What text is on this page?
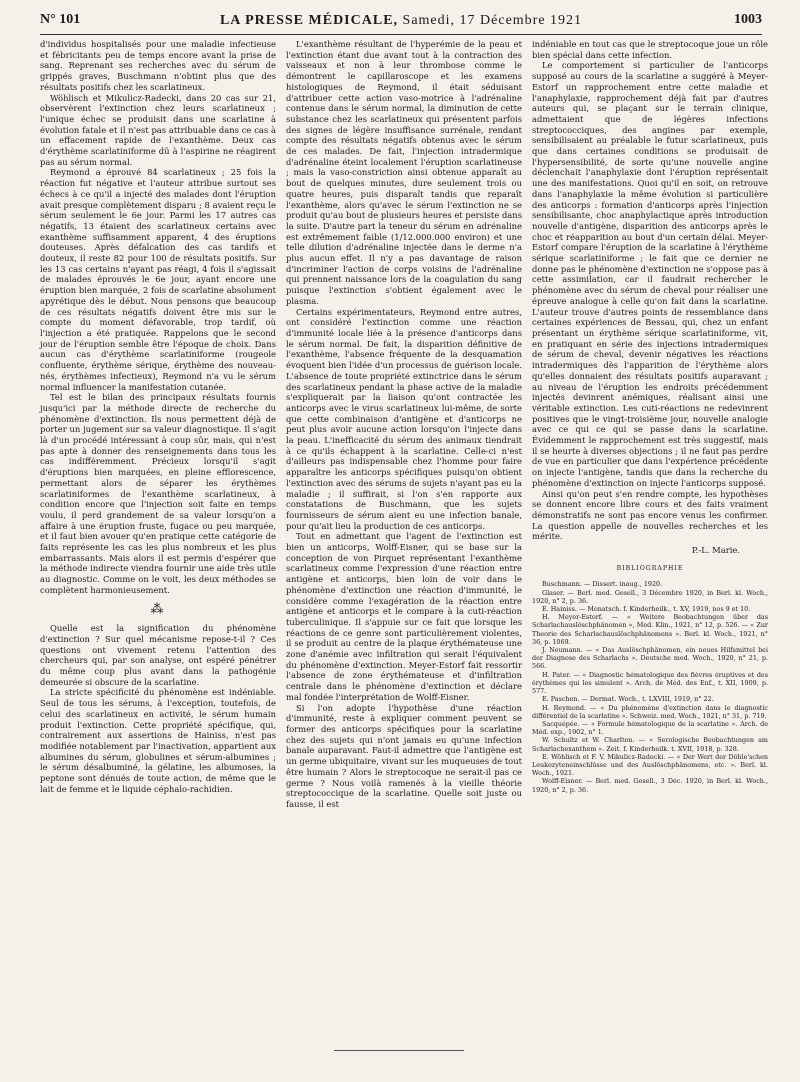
N° 101	LA PRESSE MÉDICALE, Samedi, 17 Décembre 1921	1003

d'individus hospitalisés pour une maladie infectieuse et fébricitants peu de temps encore avant la prise de sang. Reprenant ses recherches avec du sérum de grippés graves, Buschmann n'obtint plus que des résultats positifs chez les scarlatineux.

Wöhlisch et Mikulicz-Radecki, dans 20 cas sur 21, observèrent l'extinction chez leurs scarlatineux ; l'unique échec se produisit dans une scarlatine à évolution fatale et il n'est pas attribuable dans ce cas à un effacement rapide de l'exanthème. Deux cas d'érythème scarlatiniforme dû à l'aspirine ne réagirent pas au sérum normal.

Reymond a éprouvé 84 scarlatineux ; 25 fois la réaction fut négative et l'auteur attribue surtout ses échecs à ce qu'il a injecté des malades dont l'éruption avait presque complètement disparu ; 8 avaient reçu le sérum seulement le 6e jour. Parmi les 17 autres cas négatifs, 13 étaient des scarlatineux certains avec exanthème suffisamment apparent, 4 des éruptions douteuses. Après défalcation des cas tardifs et douteux, il reste 82 pour 100 de résultats positifs. Sur les 13 cas certains n'ayant pas réagi, 4 fois il s'agissait de malades éprouvés le 6e jour, ayant encore une éruption bien marquée, 2 fois de scarlatine absolument apyrétique dès le début. Nous pensons que beaucoup de ces résultats négatifs doivent être mis sur le compte du moment défavorable, trop tardif, où l'injection a été pratiquée. Rappelons que le second jour de l'éruption semble être l'époque de choix. Dans aucun cas d'érythème scarlatiniforme (rougeole confluente, érythème sérique, érythème des nouveau-nés, érythèmes infectieux), Reymond n'a vu le sérum normal influencer la manifestation cutanée.

Tel est le bilan des principaux résultats fournis jusqu'ici par la méthode directe de recherche du phénomène d'extinction. Ils nous permettent déjà de porter un jugement sur sa valeur diagnostique. Il s'agit là d'un procédé intéressant à coup sûr, mais, qui n'est pas apte à donner des renseignements dans tous les cas indifféremment. Précieux lorsqu'il s'agit d'éruptions bien marquées, en pleine efflorescence, permettant alors de séparer les érythèmes scarlatiniformes de l'exanthème scarlatineux, à condition encore que l'injection soit faite en temps voulu, il perd grandement de sa valeur lorsqu'on a affaire à une éruption fruste, fugace ou peu marquée, et il faut bien avouer qu'en pratique cette catégorie de faits représente les cas les plus nombreux et les plus embarrassants. Mais alors il est permis d'espérer que la méthode indirecte viendra fournir une aide très utile au diagnostic. Comme on le voit, les deux méthodes se complètent harmonieusement.

⁂

Quelle est la signification du phénomène d'extinction ? Sur quel mécanisme repose-t-il ? Ces questions ont vivement retenu l'attention des chercheurs qui, par son analyse, ont espéré pénétrer du même coup plus avant dans la pathogénie demeurée si obscure de la scarlatine.

La stricte spécificité du phénomène est indéniable. Seul de tous les sérums, à l'exception, toutefois, de celui des scarlatineux en activité, le sérum humain produit l'extinction. Cette propriété spécifique, qui, contrairement aux assertions de Hainiss, n'est pas modifiée notablement par l'inactivation, appartient aux albumines du sérum, globulines et sérum-albumines ; le sérum désalbuminé, la gélatine, les albumoses, la peptone sont dénués de toute action, de même que le lait de femme et le liquide céphalo-rachidien.

L'exanthème résultant de l'hyperémie de la peau et l'extinction étant due avant tout à la contraction des vaisseaux et non à leur thrombose comme le démontrent le capillaroscope et les examens histologiques de Reymond, il était séduisant d'attribuer cette action vaso-motrice à l'adrénaline contenue dans le sérum normal, la diminution de cette substance chez les scarlatineux qui présentent parfois des signes de légère insuffisance surrénale, rendant compte des résultats négatifs obtenus avec le sérum de ces malades. De fait, l'injection intradermique d'adrénaline éteint localement l'éruption scarlatineuse ; mais la vaso-constriction ainsi obtenue apparaît au bout de quelques minutes, dure seulement trois ou quatre heures, puis disparaît tandis que reparaît l'exanthème, alors qu'avec le sérum l'extinction ne se produit qu'au bout de plusieurs heures et persiste dans la suite. D'autre part la teneur du sérum en adrénaline est extrêmement faible (1/12.000.000 environ) et une telle dilution d'adrénaline injectée dans le derme n'a plus aucun effet. Il n'y a pas davantage de raison d'incriminer l'action de corps voisins de l'adrénaline qui prennent naissance lors de la coagulation du sang puisque l'extinction s'obtient également avec le plasma.

Certains expérimentateurs, Reymond entre autres, ont considéré l'extinction comme une réaction d'immunité locale liée à la présence d'anticorps dans le sérum normal. De fait, la disparition définitive de l'exanthème, l'absence fréquente de la desquamation évoquent bien l'idée d'un processus de guérison locale. L'absence de toute propriété extinctrice dans le sérum des scarlatineux pendant la phase active de la maladie s'expliquerait par la liaison qu'ont contractée les anticorps avec le virus scarlatineux lui-même, de sorte que cette combinaison d'antigène et d'anticorps ne peut plus avoir aucune action lorsqu'on l'injecte dans la peau. L'inefficacité du sérum des animaux tiendrait à ce qu'ils échappent à la scarlatine. Celle-ci n'est d'ailleurs pas indispensable chez l'homme pour faire apparaître les anticorps spécifiques puisqu'on obtient l'extinction avec des sérums de sujets n'ayant pas eu la maladie ; il suffirait, si l'on s'en rapporte aux constatations de Buschmann, que les sujets fournisseurs de sérum aient eu une infection banale, pour qu'ait lieu la production de ces anticorps.

Tout en admettant que l'agent de l'extinction est bien un anticorps, Wolff-Eisner, qui se base sur la conception de von Pirquet représentant l'exanthème scarlatineux comme l'expression d'une réaction entre antigène et anticorps, bien loin de voir dans le phénomène d'extinction une réaction d'immunité, le considère comme l'exagération de la réaction entre antigène et anticorps et le compare à la cuti-réaction tuberculinique. Il s'appuie sur ce fait que lorsque les réactions de ce genre sont particulièrement violentes, il se produit au centre de la plaque érythémateuse une zone d'anémie avec infiltration qui serait l'équivalent du phénomène d'extinction. Meyer-Estorf fait ressortir l'absence de zone érythémateuse et d'infiltration centrale dans le phénomène d'extinction et déclare mal fondée l'interprétation de Wolff-Eisner.

Si l'on adopte l'hypothèse d'une réaction d'immunité, reste à expliquer comment peuvent se former des anticorps spécifiques pour la scarlatine chez des sujets qui n'ont jamais eu qu'une infection banale auparavant. Faut-il admettre que l'antigène est un germe ubiquitaire, vivant sur les muqueuses de tout être humain ? Alors le streptocoque ne serait-il pas ce germe ? Nous voilà ramenés à la vieille théorie streptococcique de la scarlatine. Quelle soit juste ou fausse, il est

indéniable en tout cas que le streptocoque joue un rôle bien spécial dans cette infection.

Le comportement si particulier de l'anticorps supposé au cours de la scarlatine a suggéré à Meyer-Estorf un rapprochement entre cette maladie et l'anaphylaxie, rapprochement déjà fait par d'autres auteurs qui, se plaçant sur le terrain clinique, admettaient que de légères infections streptococciques, des angines par exemple, sensibilisaient au préalable le futur scarlatineux, puis que dans certaines conditions se produisait de l'hypersensibilité, de sorte qu'une nouvelle angine déclenchait l'anaphylaxie dont l'éruption représentait une des manifestations. Quoi qu'il en soit, on retrouve dans l'anaphylaxie la même évolution si particulière des anticorps : formation d'anticorps après l'injection sensibilisante, choc anaphylactique après introduction nouvelle d'antigène, disparition des anticorps après le choc et réapparition au bout d'un certain délai. Meyer-Estorf compare l'éruption de la scarlatine à l'érythème sérique scarlatiniforme ; le fait que ce dernier ne donne pas le phénomène d'extinction ne s'oppose pas à cette assimilation, car il faudrait rechercher le phénomène avec du sérum de cheval pour réaliser une épreuve analogue à celle qu'on fait dans la scarlatine. L'auteur trouve d'autres points de ressemblance dans certaines expériences de Bessau, qui, chez un enfant présentant un érythème sérique scarlatiniforme, vit, en pratiquant en série des injections intradermiques de sérum de cheval, devenir négatives les réactions intradermiques dès l'apparition de l'érythème alors qu'elles donnaient des résultats positifs auparavant ; au niveau de l'éruption les endroits précédemment injectés devinrent anémiques, réalisant ainsi une véritable extinction. Les cuti-réactions ne redevinrent positives que le vingt-troisième jour, nouvelle analogie avec ce qui ce qui se passe dans la scarlatine. Évidemment le rapprochement est très suggestif, mais il se heurte à diverses objections ; il ne faut pas perdre de vue en particulier que dans l'expérience précédente on injecte l'antigène, tandis que dans la recherche du phénomène d'extinction on injecte l'anticorps supposé.

Ainsi qu'on peut s'en rendre compte, les hypothèses se donnent encore libre cours et des faits vraiment démonstratifs ne sont pas encore venus les confirmer. La question appelle de nouvelles recherches et les mérite.

P.-L. Marie.
BIBLIOGRAPHIE

Buschmann. — Dissert. inaug., 1920.

Glaser. — Berl. med. Gesell., 3 Décembre 1920, in Berl. kl. Woch., 1920, n° 2, p. 36.

E. Hainiss. — Monatsch. f. Kinderheilk., t. XV, 1919, nos 9 et 10.

H. Meyer-Estorf. — « Weitere Beobachtungen über das Scharlachauslöschphänomen », Med. Klin., 1921, n° 12, p. 526. — « Zur Theorie des Scharlachauslöschphänomens ». Berl. kl. Woch., 1921, n° 36, p. 1069.

J. Neumann. — « Das Auslöschphänomen, ein neues Hilfsmittel bei der Diagnose des Scharlachs ». Deutsche med. Woch., 1920, n° 21, p. 566.

H. Pater. — « Diagnostic hématologique des fièvres éruptives et des érythèmes qui les simulent ». Arch. de Méd. des Enf., t. XII, 1909, p. 577.

E. Paschen. — Dermat. Woch., t. LXVIII, 1919, n° 22.

H. Reymond. — « Du phénomène d'extinction dans le diagnostic différentiel de la scarlatine ». Schweiz. med. Woch., 1921, n° 31, p. 719.

Sacquépée. — « Formule hématologique de la scarlatine ». Arch. de Méd. exp., 1902, n° 1.

W. Schultz et W. Charlton. — « Serologische Beobachtungen am Scharlachexanthem ». Zeit. f. Kinderheilk. t. XVII, 1918, p. 328.

E. Wöhlisch et F. V. Mikulicz-Radecki. — « Der Wert der Döhle'schen Leukozyteneinschlüsse und des Auslöschphänomens, etc. ». Berl. kl. Woch., 1921.

Wolff-Eisner. — Berl. med. Gesell., 3 Déc. 1920, in Berl. kl. Woch., 1920, n° 2, p. 36.
